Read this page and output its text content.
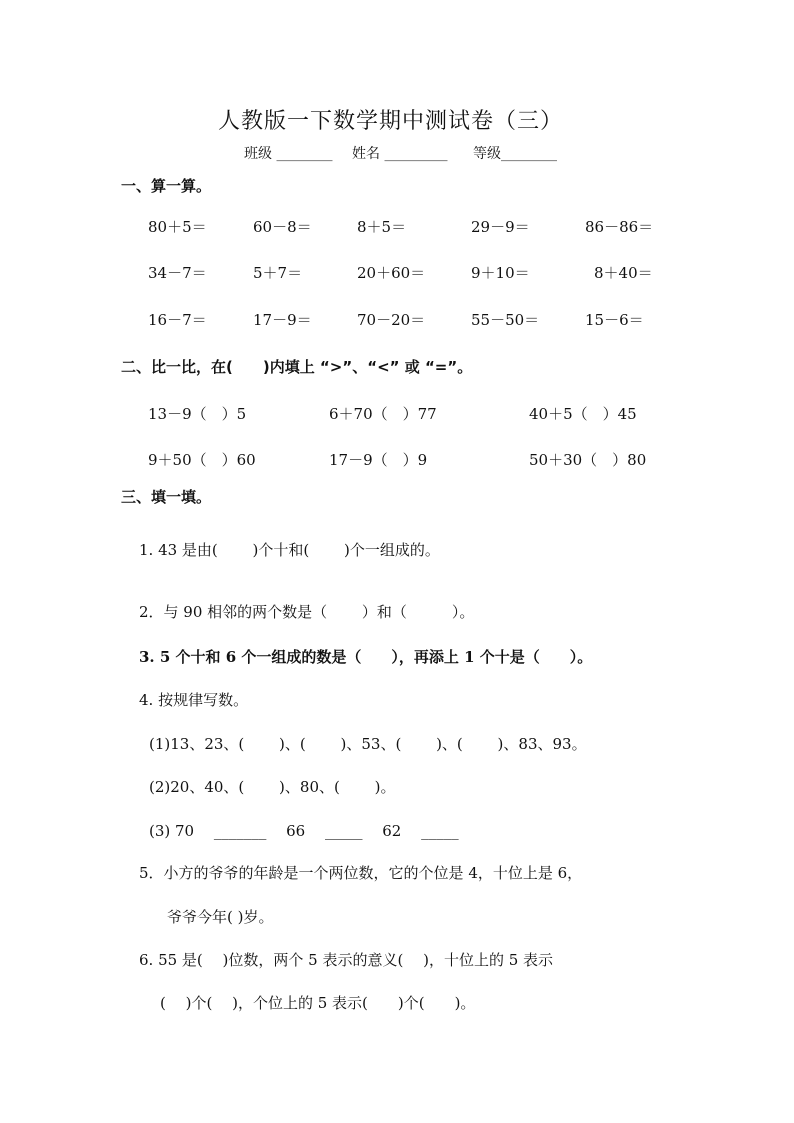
人教版一下数学期中测试卷（三）
班级 ________ 姓名 _________ 等级________
一、算一算。
80＋5＝	60－8＝	8＋5＝	29－9＝	86－86＝
34－7＝	5＋7＝	20＋60＝	9＋10＝	8＋40＝
16－7＝	17－9＝	70－20＝	55－50＝	15－6＝
二、比一比，在(　　)内填上 “>”、“<” 或 “=”。
13－9（　）5	6＋70（　）77	40＋5（　）45
9＋50（　）60	17－9（　）9	50＋30（　）80
三、填一填。
1. 43 是由(　　 )个十和(　　 )个一组成的。
2．与 90 相邻的两个数是（　　 ）和（　　　）。
3. 5 个十和 6 个一组成的数是（　　），再添上 1 个十是（　　）。
4. 按规律写数。
(1)13、23、(　　 )、(　　 )、53、(　　 )、(　　 )、83、93。
(2)20、40、(　　 )、80、(　　 )。
(3) 70　 _______　 66　 _____　 62　 _____
5．小方的爷爷的年龄是一个两位数，它的个位是 4，十位上是 6，
爷爷今年( )岁。
6. 55 是(　 )位数，两个 5 表示的意义(　 )，十位上的 5 表示
(　 )个(　 )，个位上的 5 表示(　　)个(　　)。
